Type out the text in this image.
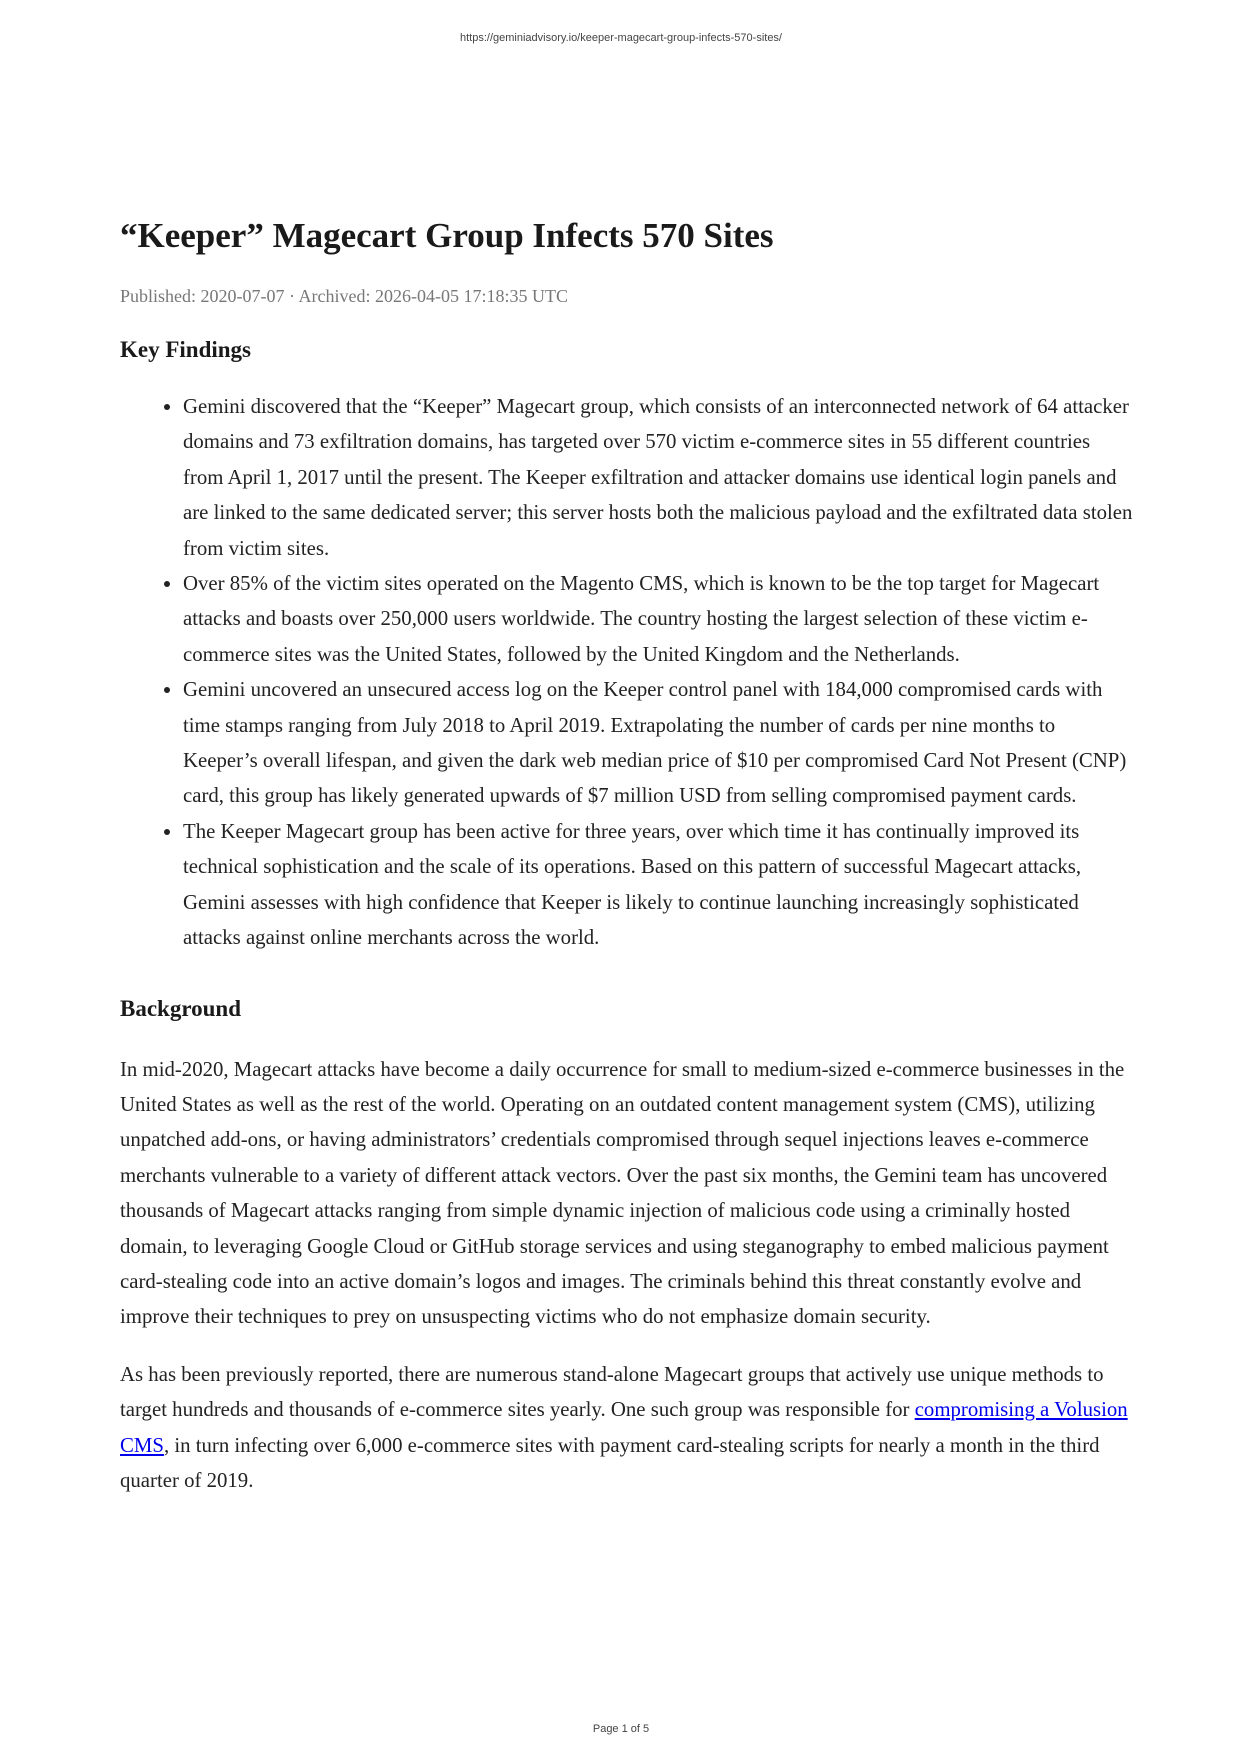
https://geminiadvisory.io/keeper-magecart-group-infects-570-sites/
“Keeper” Magecart Group Infects 570 Sites
Published: 2020-07-07 · Archived: 2026-04-05 17:18:35 UTC
Key Findings
• Gemini discovered that the “Keeper” Magecart group, which consists of an interconnected network of 64 attacker domains and 73 exfiltration domains, has targeted over 570 victim e-commerce sites in 55 different countries from April 1, 2017 until the present. The Keeper exfiltration and attacker domains use identical login panels and are linked to the same dedicated server; this server hosts both the malicious payload and the exfiltrated data stolen from victim sites.
• Over 85% of the victim sites operated on the Magento CMS, which is known to be the top target for Magecart attacks and boasts over 250,000 users worldwide. The country hosting the largest selection of these victim e-commerce sites was the United States, followed by the United Kingdom and the Netherlands.
• Gemini uncovered an unsecured access log on the Keeper control panel with 184,000 compromised cards with time stamps ranging from July 2018 to April 2019. Extrapolating the number of cards per nine months to Keeper’s overall lifespan, and given the dark web median price of $10 per compromised Card Not Present (CNP) card, this group has likely generated upwards of $7 million USD from selling compromised payment cards.
• The Keeper Magecart group has been active for three years, over which time it has continually improved its technical sophistication and the scale of its operations. Based on this pattern of successful Magecart attacks, Gemini assesses with high confidence that Keeper is likely to continue launching increasingly sophisticated attacks against online merchants across the world.
Background

In mid-2020, Magecart attacks have become a daily occurrence for small to medium-sized e-commerce businesses in the United States as well as the rest of the world. Operating on an outdated content management system (CMS), utilizing unpatched add-ons, or having administrators’ credentials compromised through sequel injections leaves e-commerce merchants vulnerable to a variety of different attack vectors. Over the past six months, the Gemini team has uncovered thousands of Magecart attacks ranging from simple dynamic injection of malicious code using a criminally hosted domain, to leveraging Google Cloud or GitHub storage services and using steganography to embed malicious payment card-stealing code into an active domain’s logos and images. The criminals behind this threat constantly evolve and improve their techniques to prey on unsuspecting victims who do not emphasize domain security.

As has been previously reported, there are numerous stand-alone Magecart groups that actively use unique methods to target hundreds and thousands of e-commerce sites yearly. One such group was responsible for compromising a Volusion CMS, in turn infecting over 6,000 e-commerce sites with payment card-stealing scripts for nearly a month in the third quarter of 2019.

Page 1 of 5
